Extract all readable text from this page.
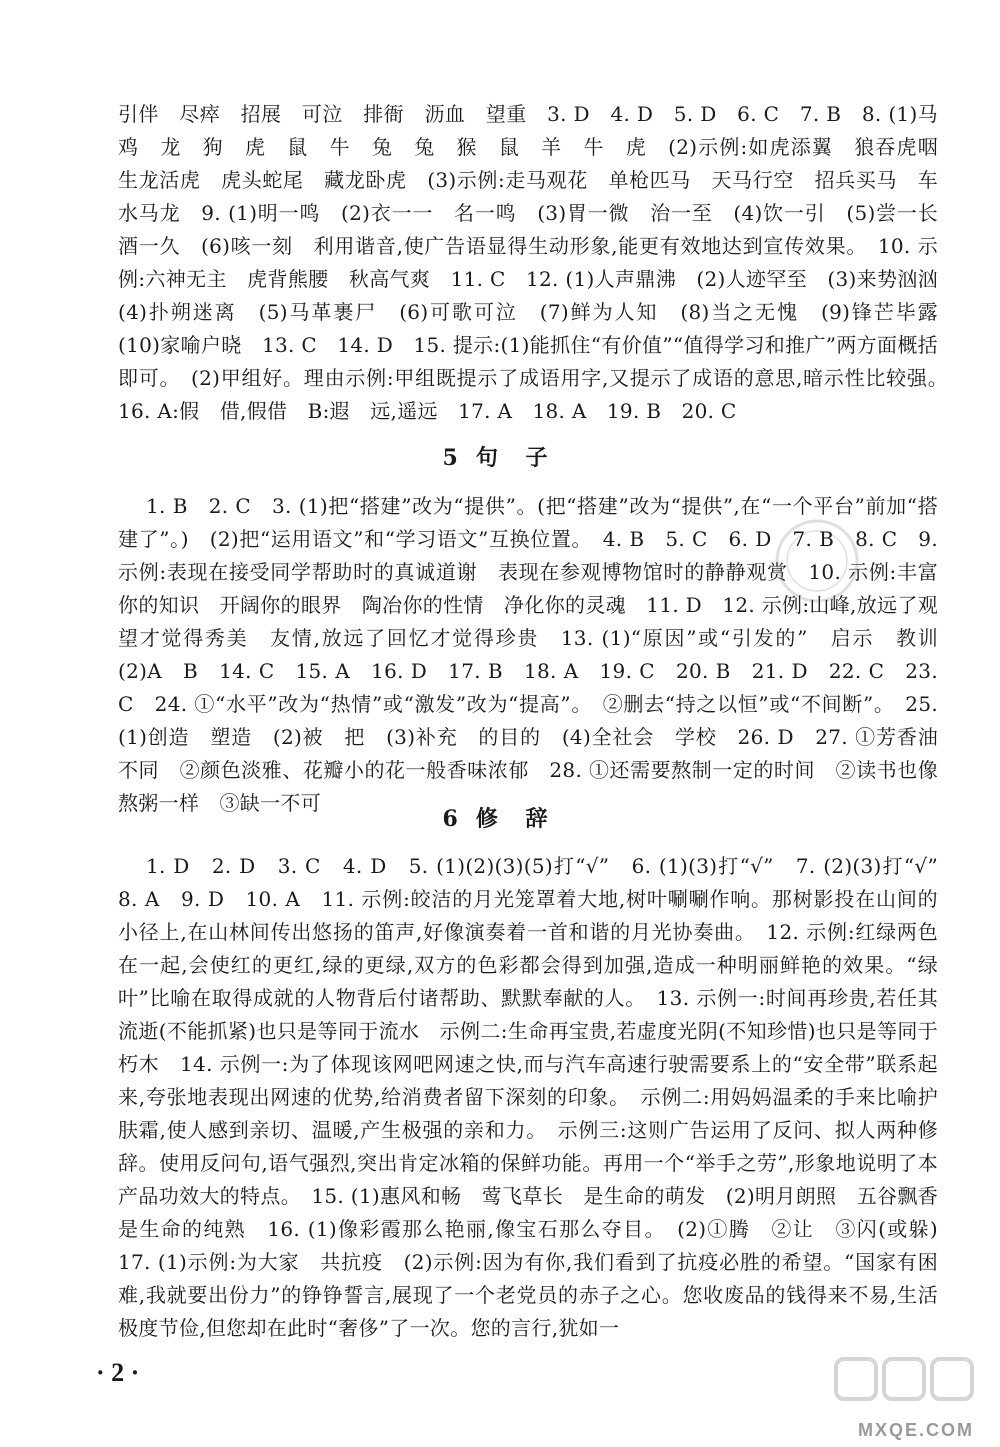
引伴　尽瘁　招展　可泣　排衙　沥血　望重　3. D　4. D　5. D　6. C　7. B　8. (1)马　鸡　龙　狗　虎　鼠　牛　兔　兔　猴　鼠　羊　牛　虎　(2)示例:如虎添翼　狼吞虎咽　生龙活虎　虎头蛇尾　藏龙卧虎　(3)示例:走马观花　单枪匹马　天马行空　招兵买马　车水马龙　9. (1)明一鸣　(2)衣一一　名一鸣　(3)胃一微　治一至　(4)饮一引　(5)尝一长　酒一久　(6)咳一刻　利用谐音,使广告语显得生动形象,能更有效地达到宣传效果。　10. 示例:六神无主　虎背熊腰　秋高气爽　11. C　12. (1)人声鼎沸　(2)人迹罕至　(3)来势汹汹　(4)扑朔迷离　(5)马革裹尸　(6)可歌可泣　(7)鲜为人知　(8)当之无愧　(9)锋芒毕露　(10)家喻户晓　13. C　14. D　15. 提示:(1)能抓住“有价值”“值得学习和推广”两方面概括即可。　(2)甲组好。理由示例:甲组既提示了成语用字,又提示了成语的意思,暗示性比较强。　16. A:假　借,假借　B:遐　远,遥远　17. A　18. A　19. B　20. C

5 句 子

1. B　2. C　3. (1)把“搭建”改为“提供”。(把“搭建”改为“提供”,在“一个平台”前加“搭建了”。)　(2)把“运用语文”和“学习语文”互换位置。　4. B　5. C　6. D　7. B　8. C　9. 示例:表现在接受同学帮助时的真诚道谢　表现在参观博物馆时的静静观赏　10. 示例:丰富你的知识　开阔你的眼界　陶冶你的性情　净化你的灵魂　11. D　12. 示例:山峰,放远了观望才觉得秀美　友情,放远了回忆才觉得珍贵　13. (1)“原因”或“引发的”　启示　教训　(2)A　B　14. C　15. A　16. D　17. B　18. A　19. C　20. B　21. D　22. C　23. C　24. ①“水平”改为“热情”或“激发”改为“提高”。　②删去“持之以恒”或“不间断”。　25. (1)创造　塑造　(2)被　把　(3)补充　的目的　(4)全社会　学校　26. D　27. ①芳香油不同　②颜色淡雅、花瓣小的花一般香味浓郁　28. ①还需要熬制一定的时间　②读书也像熬粥一样　③缺一不可

6 修 辞

1. D　2. D　3. C　4. D　5. (1)(2)(3)(5)打“√”　6. (1)(3)打“√”　7. (2)(3)打“√”　8. A　9. D　10. A　11. 示例:皎洁的月光笼罩着大地,树叶唰唰作响。那树影投在山间的小径上,在山林间传出悠扬的笛声,好像演奏着一首和谐的月光协奏曲。　12. 示例:红绿两色在一起,会使红的更红,绿的更绿,双方的色彩都会得到加强,造成一种明丽鲜艳的效果。“绿叶”比喻在取得成就的人物背后付诸帮助、默默奉献的人。　13. 示例一:时间再珍贵,若任其流逝(不能抓紧)也只是等同于流水　示例二:生命再宝贵,若虚度光阴(不知珍惜)也只是等同于朽木　14. 示例一:为了体现该网吧网速之快,而与汽车高速行驶需要系上的“安全带”联系起来,夸张地表现出网速的优势,给消费者留下深刻的印象。　示例二:用妈妈温柔的手来比喻护肤霜,使人感到亲切、温暖,产生极强的亲和力。　示例三:这则广告运用了反问、拟人两种修辞。使用反问句,语气强烈,突出肯定冰箱的保鲜功能。再用一个“举手之劳”,形象地说明了本产品功效大的特点。　15. (1)惠风和畅　莺飞草长　是生命的萌发　(2)明月朗照　五谷飘香　是生命的纯熟　16. (1)像彩霞那么艳丽,像宝石那么夺目。　(2)①腾　②让　③闪(或躲)　17. (1)示例:为大家　共抗疫　(2)示例:因为有你,我们看到了抗疫必胜的希望。“国家有困难,我就要出份力”的铮铮誓言,展现了一个老党员的赤子之心。您收废品的钱得来不易,生活极度节俭,但您却在此时“奢侈”了一次。您的言行,犹如一

· 2 ·
MXQE.COM
